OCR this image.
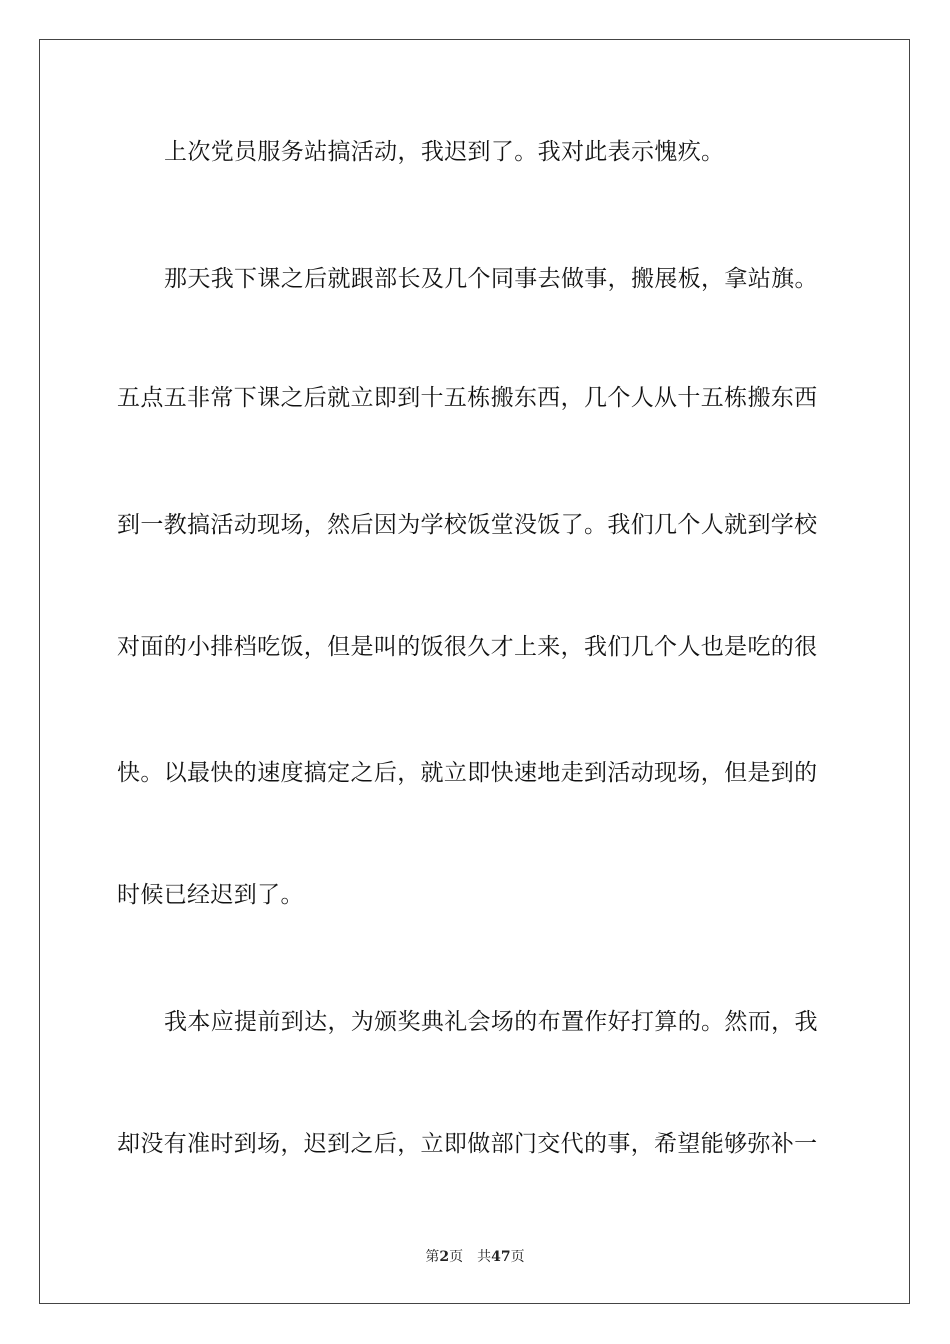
上次党员服务站搞活动，我迟到了。我对此表示愧疚。
那天我下课之后就跟部长及几个同事去做事，搬展板，拿站旗。
五点五非常下课之后就立即到十五栋搬东西，几个人从十五栋搬东西
到一教搞活动现场，然后因为学校饭堂没饭了。我们几个人就到学校
对面的小排档吃饭，但是叫的饭很久才上来，我们几个人也是吃的很
快。以最快的速度搞定之后，就立即快速地走到活动现场，但是到的
时候已经迟到了。
我本应提前到达，为颁奖典礼会场的布置作好打算的。然而，我
却没有准时到场，迟到之后，立即做部门交代的事，希望能够弥补一
第2页 共47页
